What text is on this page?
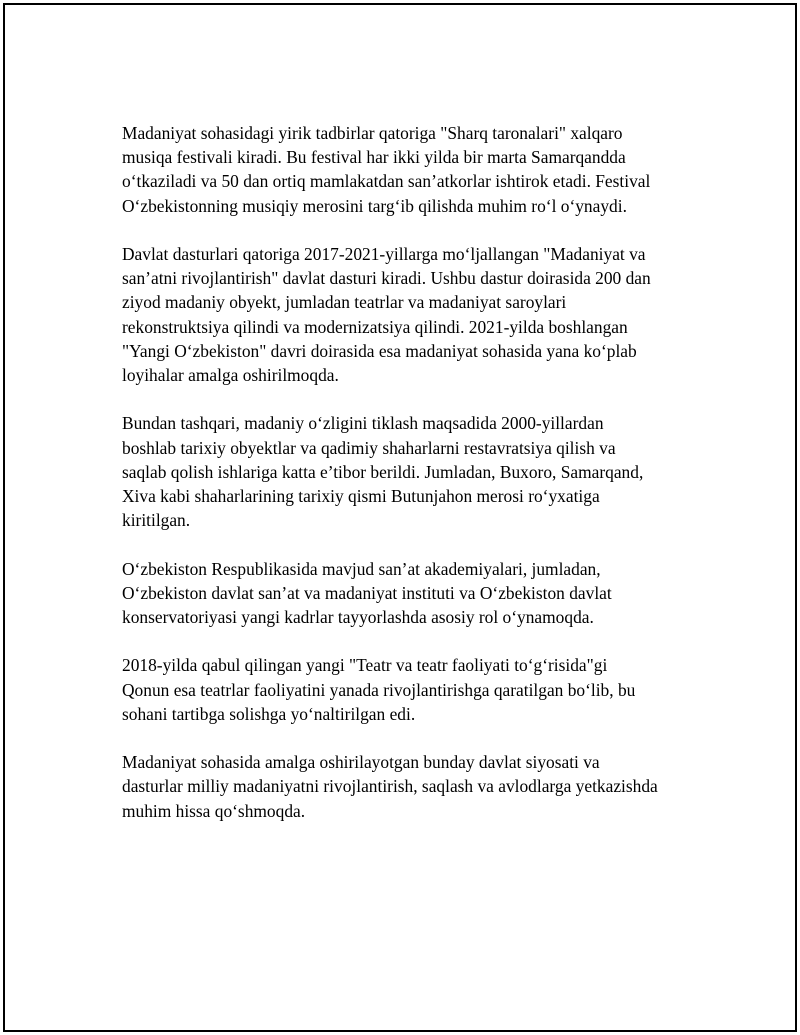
Madaniyat sohasidagi yirik tadbirlar qatoriga "Sharq taronalari" xalqaro
musiqa festivali kiradi. Bu festival har ikki yilda bir marta Samarqandda
o‘tkaziladi va 50 dan ortiq mamlakatdan san’atkorlar ishtirok etadi. Festival
O‘zbekistonning musiqiy merosini targ‘ib qilishda muhim ro‘l o‘ynaydi.

Davlat dasturlari qatoriga 2017-2021-yillarga mo‘ljallangan "Madaniyat va
san’atni rivojlantirish" davlat dasturi kiradi. Ushbu dastur doirasida 200 dan
ziyod madaniy obyekt, jumladan teatrlar va madaniyat saroylari
rekonstruktsiya qilindi va modernizatsiya qilindi. 2021-yilda boshlangan
"Yangi O‘zbekiston" davri doirasida esa madaniyat sohasida yana ko‘plab
loyihalar amalga oshirilmoqda.

Bundan tashqari, madaniy o‘zligini tiklash maqsadida 2000-yillardan
boshlab tarixiy obyektlar va qadimiy shaharlarni restavratsiya qilish va
saqlab qolish ishlariga katta e’tibor berildi. Jumladan, Buxoro, Samarqand,
Xiva kabi shaharlarining tarixiy qismi Butunjahon merosi ro‘yxatiga
kiritilgan.

O‘zbekiston Respublikasida mavjud san’at akademiyalari, jumladan,
O‘zbekiston davlat san’at va madaniyat instituti va O‘zbekiston davlat
konservatoriyasi yangi kadrlar tayyorlashda asosiy rol o‘ynamoqda.

2018-yilda qabul qilingan yangi "Teatr va teatr faoliyati to‘g‘risida"gi
Qonun esa teatrlar faoliyatini yanada rivojlantirishga qaratilgan bo‘lib, bu
sohani tartibga solishga yo‘naltirilgan edi.

Madaniyat sohasida amalga oshirilayotgan bunday davlat siyosati va
dasturlar milliy madaniyatni rivojlantirish, saqlash va avlodlarga yetkazishda
muhim hissa qo‘shmoqda.
